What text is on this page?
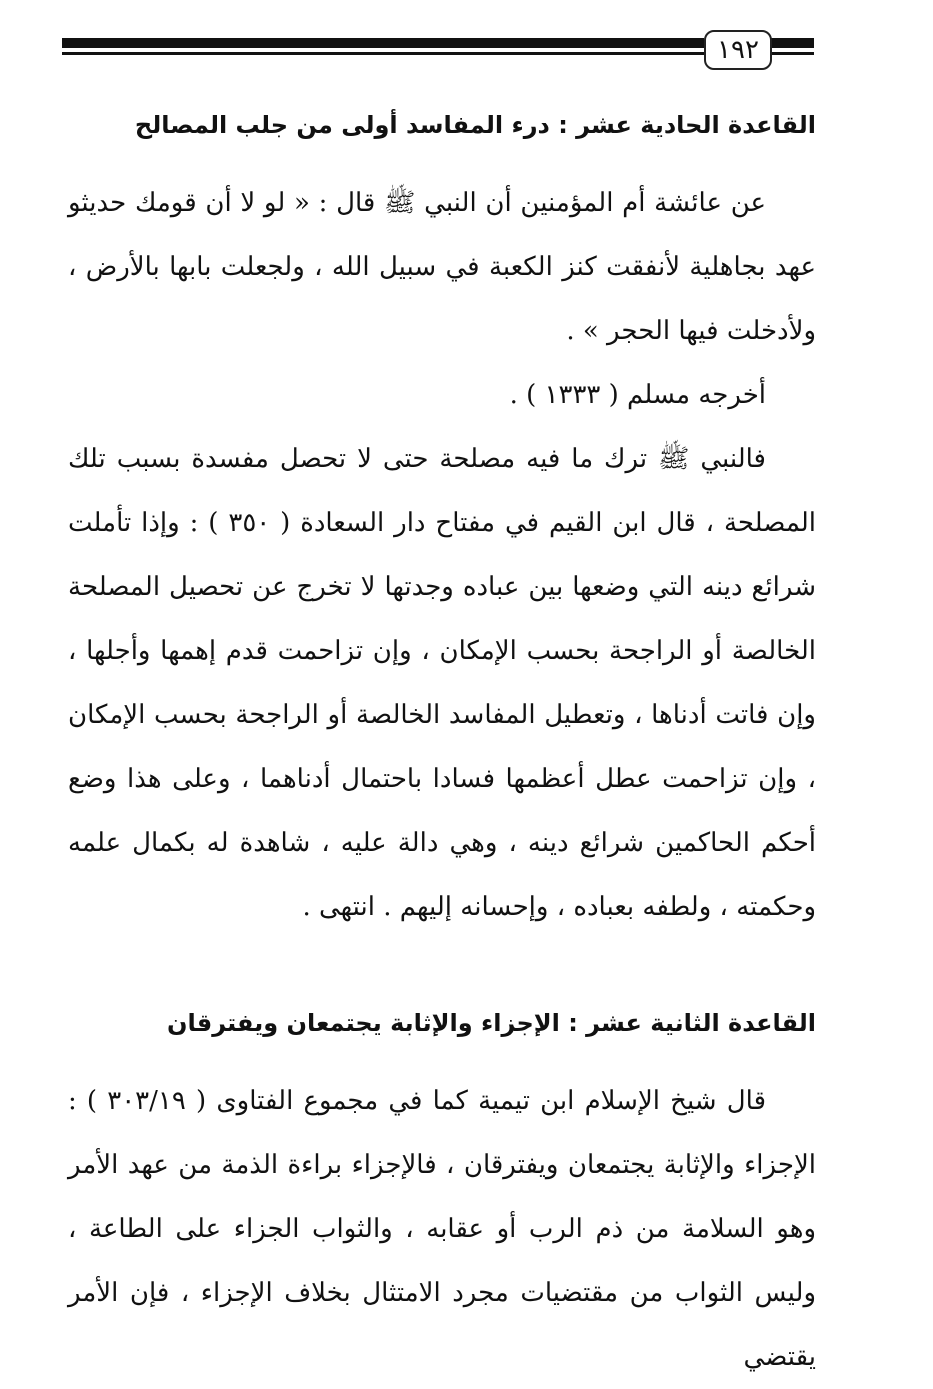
١٩٢
القاعدة الحادية عشر : درء المفاسد أولى من جلب المصالح

عن عائشة أم المؤمنين أن النبي ﷺ قال : « لو لا أن قومك حديثو عهد بجاهلية لأنفقت كنز الكعبة في سبيل الله ، ولجعلت بابها بالأرض ، ولأدخلت فيها الحجر » .

أخرجه مسلم ( ١٣٣٣ ) .

فالنبي ﷺ ترك ما فيه مصلحة حتى لا تحصل مفسدة بسبب تلك المصلحة ، قال ابن القيم في مفتاح دار السعادة ( ٣٥٠ ) : وإذا تأملت شرائع دينه التي وضعها بين عباده وجدتها لا تخرج عن تحصيل المصلحة الخالصة أو الراجحة بحسب الإمكان ، وإن تزاحمت قدم إهمها وأجلها ، وإن فاتت أدناها ، وتعطيل المفاسد الخالصة أو الراجحة بحسب الإمكان ، وإن تزاحمت عطل أعظمها فسادا باحتمال أدناهما ، وعلى هذا وضع أحكم الحاكمين شرائع دينه ، وهي دالة عليه ، شاهدة له بكمال علمه وحكمته ، ولطفه بعباده ، وإحسانه إليهم . انتهى .

القاعدة الثانية عشر : الإجزاء والإثابة يجتمعان ويفترقان

قال شيخ الإسلام ابن تيمية كما في مجموع الفتاوى ( ٣٠٣/١٩ ) : الإجزاء والإثابة يجتمعان ويفترقان ، فالإجزاء براءة الذمة من عهد الأمر وهو السلامة من ذم الرب أو عقابه ، والثواب الجزاء على الطاعة ، وليس الثواب من مقتضيات مجرد الامتثال بخلاف الإجزاء ، فإن الأمر يقتضي
